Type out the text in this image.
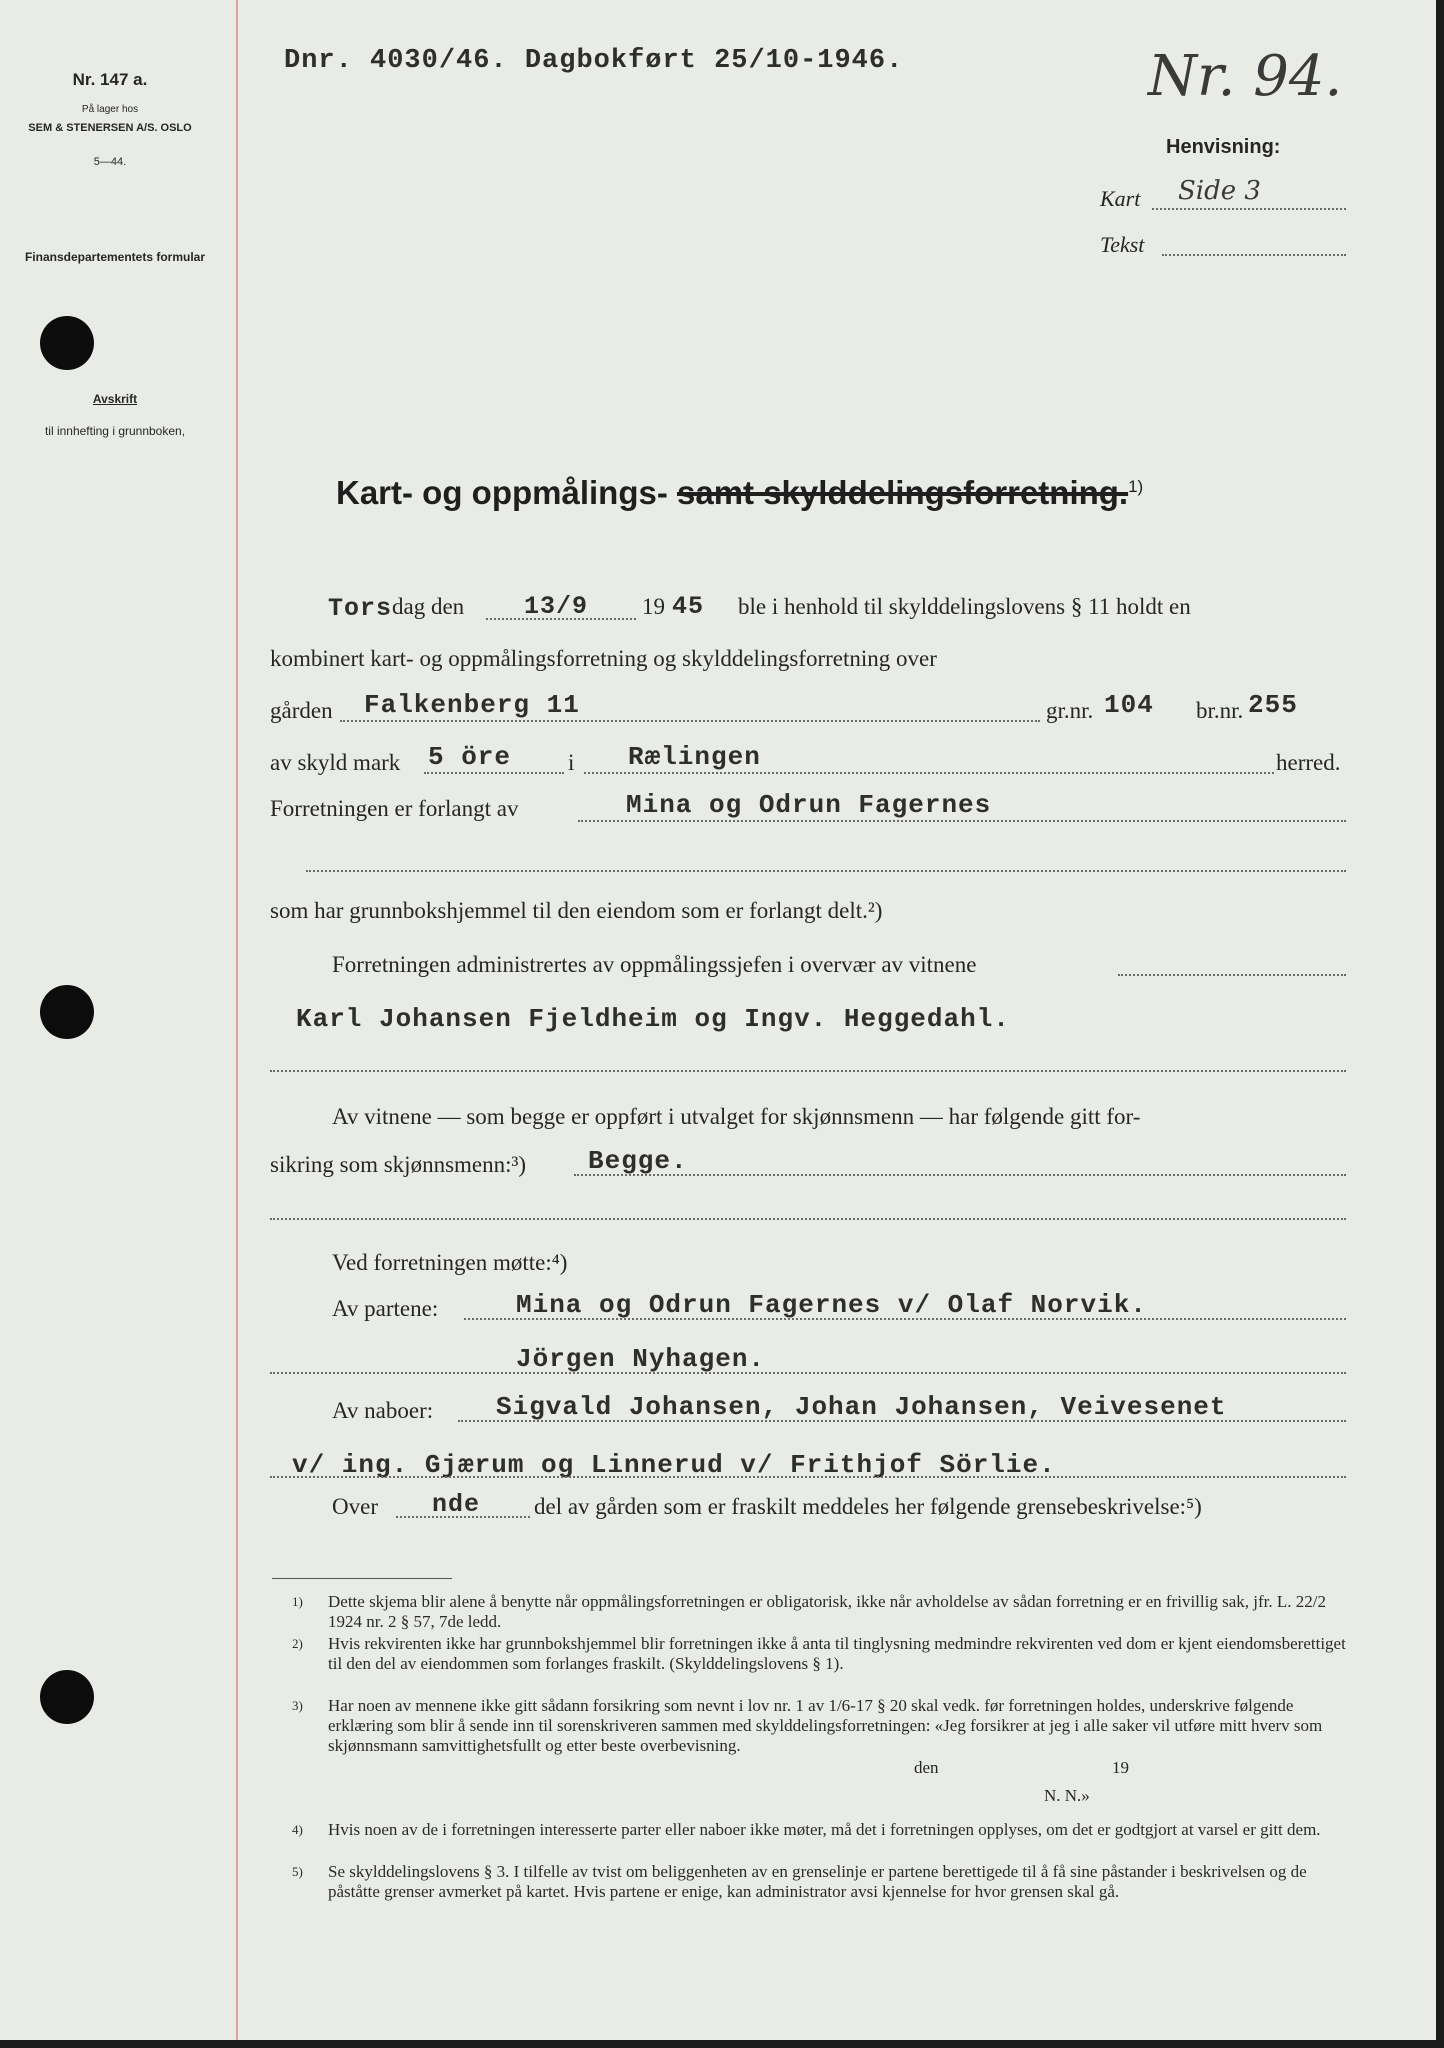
Nr. 147 a.
På lager hos
SEM & STENERSEN A/S. OSLO
5—44.
Finansdepartementets formular
Avskrift
til innhefting i grunnboken,
Dnr. 4030/46. Dagbokført 25/10-1946.	Nr. 94.
Henvisning:
Kart Side 3
Tekst
Kart- og oppmålings- samt skylddelingsforretning.$^{1)}$
Tors dag den 13/9 19 45 ble i henhold til skylddelingslovens § 11 holdt en
kombinert kart- og oppmålingsforretning og skylddelingsforretning over
gården Falkenberg 11	gr.nr. 104 br.nr. 255
av skyld mark 5 öre i Rælingen	herred.
Forretningen er forlangt av	Mina og Odrun Fagernes
som har grunnbokshjemmel til den eiendom som er forlangt delt.²)
Forretningen administrertes av oppmålingssjefen i overvær av vitnene
Karl Johansen Fjeldheim og Ingv. Heggedahl.
Av vitnene — som begge er oppført i utvalget for skjønnsmenn — har følgende gitt for-
sikring som skjønnsmenn:³) Begge.
Ved forretningen møtte:⁴)
Av partene:	Mina og Odrun Fagernes v/ Olaf Norvik.
Jörgen Nyhagen.
Av naboer: Sigvald Johansen, Johan Johansen, Veivesenet
v/ ing. Gjærum og Linnerud v/ Frithjof Sörlie.
Over nde del av gården som er fraskilt meddeles her følgende grensebeskrivelse:⁵)
1) Dette skjema blir alene å benytte når oppmålingsforretningen er obligatorisk, ikke når avholdelse av sådan forretning er en frivillig sak, jfr. L. 22/2 1924 nr. 2 § 57, 7de ledd.
2) Hvis rekvirenten ikke har grunnbokshjemmel blir forretningen ikke å anta til tinglysning medmindre rekvirenten ved dom er kjent eiendomsberettiget til den del av eiendommen som forlanges fraskilt. (Skylddelingslovens § 1).
3) Har noen av mennene ikke gitt sådann forsikring som nevnt i lov nr. 1 av 1/6-17 § 20 skal vedk. før forretningen holdes, underskrive følgende erklæring som blir å sende inn til sorenskriveren sammen med skylddelingsforretningen: «Jeg forsikrer at jeg i alle saker vil utføre mitt hverv som skjønnsmann samvittighetsfullt og etter beste overbevisning.
den	19
N. N.»
4) Hvis noen av de i forretningen interesserte parter eller naboer ikke møter, må det i forretningen opplyses, om det er godtgjort at varsel er gitt dem.
5) Se skylddelingslovens § 3. I tilfelle av tvist om beliggenheten av en grenselinje er partene berettigede til å få sine påstander i beskrivelsen og de påståtte grenser avmerket på kartet. Hvis partene er enige, kan administrator avsi kjennelse for hvor grensen skal gå.
